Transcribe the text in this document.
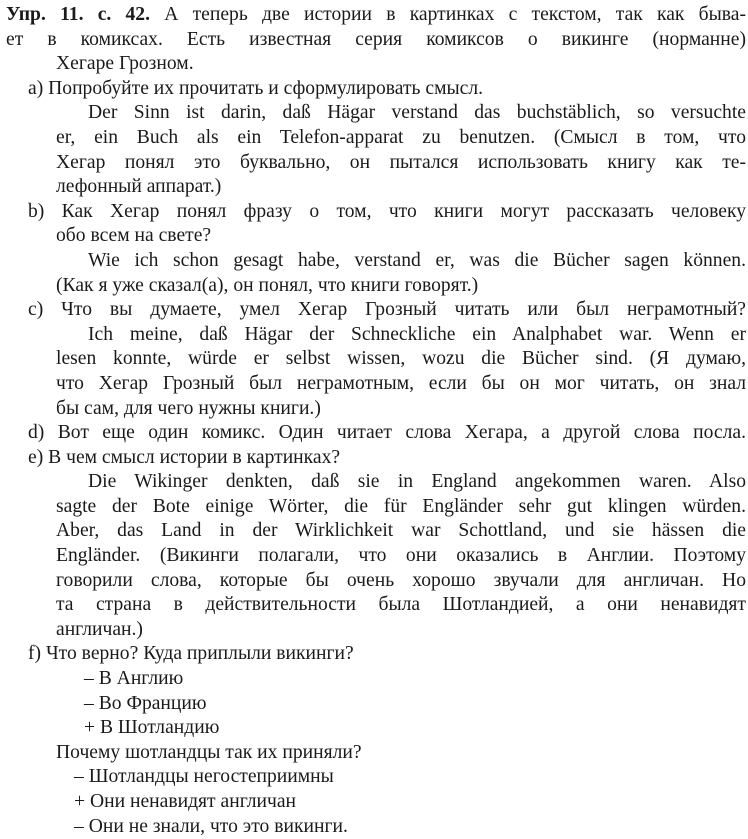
Упр. 11. с. 42. А теперь две истории в картинках с текстом, так как быва-
ет в комиксах. Есть известная серия комиксов о викинге (норманне)
Хегаре Грозном.
a) Попробуйте их прочитать и сформулировать смысл.
Der Sinn ist darin, daß Hägar verstand das buchstäblich, so versuchte
er, ein Buch als ein Telefon-apparat zu benutzen. (Смысл в том, что
Хегар понял это буквально, он пытался использовать книгу как те-
лефонный аппарат.)
b) Как Хегар понял фразу о том, что книги могут рассказать человеку
обо всем на свете?
Wie ich schon gesagt habe, verstand er, was die Bücher sagen können.
(Как я уже сказал(а), он понял, что книги говорят.)
c) Что вы думаете, умел Хегар Грозный читать или был неграмотный?
Ich meine, daß Hägar der Schneckliche ein Analphabet war. Wenn er
lesen konnte, würde er selbst wissen, wozu die Bücher sind. (Я думаю,
что Хегар Грозный был неграмотным, если бы он мог читать, он знал
бы сам, для чего нужны книги.)
d) Вот еще один комикс. Один читает слова Хегара, а другой слова посла.
e) В чем смысл истории в картинках?
Die Wikinger denkten, daß sie in England angekommen waren. Also
sagte der Bote einige Wörter, die für Engländer sehr gut klingen würden.
Aber, das Land in der Wirklichkeit war Schottland, und sie hässen die
Engländer. (Викинги полагали, что они оказались в Англии. Поэтому
говорили слова, которые бы очень хорошо звучали для англичан. Но
та страна в действительности была Шотландией, а они ненавидят
англичан.)
f) Что верно? Куда приплыли викинги?
– В Англию
– Во Францию
+ В Шотландию
Почему шотландцы так их приняли?
– Шотландцы негостеприимны
+ Они ненавидят англичан
– Они не знали, что это викинги.
